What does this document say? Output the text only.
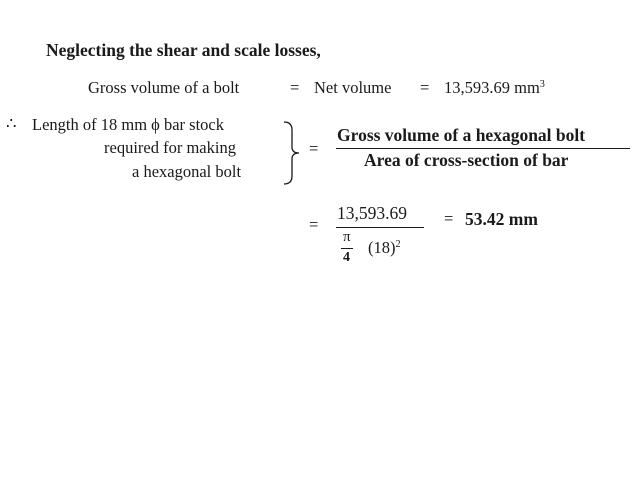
Neglecting the shear and scale losses,
Gross volume of a bolt	= Net volume = 13,593.69 $mm^3$
∴ Length of 18 mm ϕ bar stock
required for making
a hexagonal bolt
=
Gross volume of a hexagonal bolt
Area of cross-section of bar
=
13,593.69
π
4
$(18)^2$
= 53.42 mm
